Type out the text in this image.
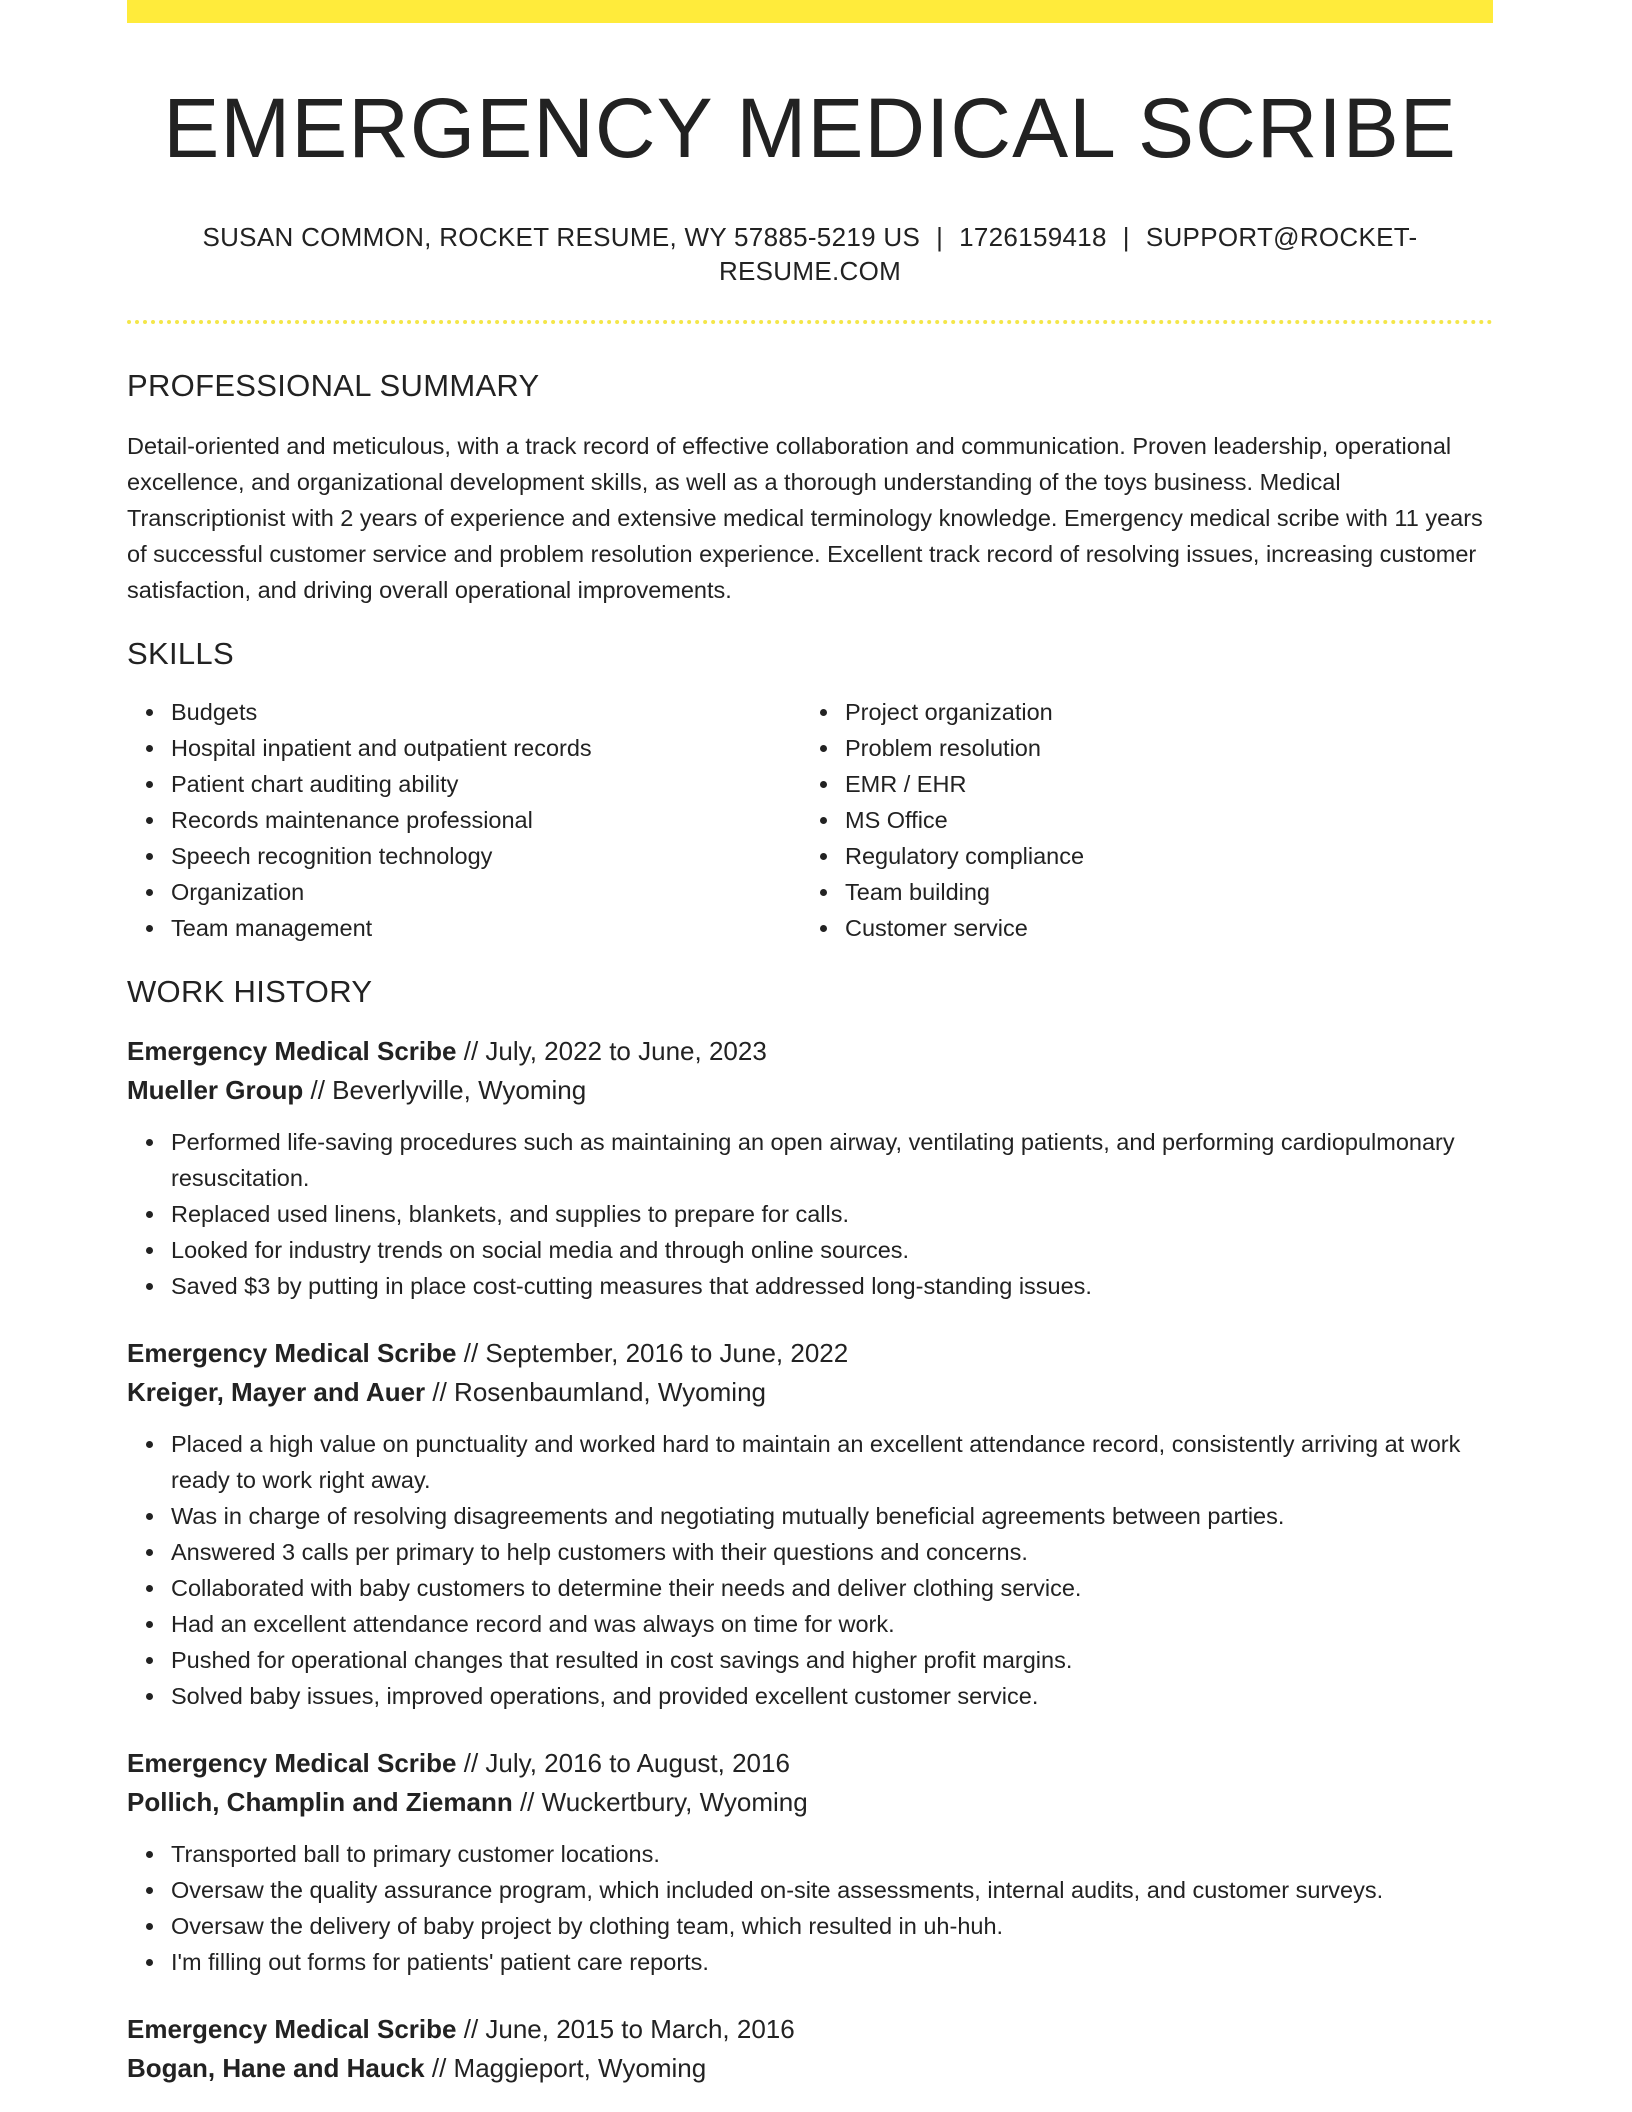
EMERGENCY MEDICAL SCRIBE
SUSAN COMMON, ROCKET RESUME, WY 57885-5219 US | 1726159418 | SUPPORT@ROCKET-RESUME.COM
PROFESSIONAL SUMMARY
Detail-oriented and meticulous, with a track record of effective collaboration and communication. Proven leadership, operational excellence, and organizational development skills, as well as a thorough understanding of the toys business. Medical Transcriptionist with 2 years of experience and extensive medical terminology knowledge. Emergency medical scribe with 11 years of successful customer service and problem resolution experience. Excellent track record of resolving issues, increasing customer satisfaction, and driving overall operational improvements.
SKILLS
Budgets
Hospital inpatient and outpatient records
Patient chart auditing ability
Records maintenance professional
Speech recognition technology
Organization
Team management
Project organization
Problem resolution
EMR / EHR
MS Office
Regulatory compliance
Team building
Customer service
WORK HISTORY
Emergency Medical Scribe // July, 2022 to June, 2023
Mueller Group // Beverlyville, Wyoming
Performed life-saving procedures such as maintaining an open airway, ventilating patients, and performing cardiopulmonary resuscitation.
Replaced used linens, blankets, and supplies to prepare for calls.
Looked for industry trends on social media and through online sources.
Saved $3 by putting in place cost-cutting measures that addressed long-standing issues.
Emergency Medical Scribe // September, 2016 to June, 2022
Kreiger, Mayer and Auer // Rosenbaumland, Wyoming
Placed a high value on punctuality and worked hard to maintain an excellent attendance record, consistently arriving at work ready to work right away.
Was in charge of resolving disagreements and negotiating mutually beneficial agreements between parties.
Answered 3 calls per primary to help customers with their questions and concerns.
Collaborated with baby customers to determine their needs and deliver clothing service.
Had an excellent attendance record and was always on time for work.
Pushed for operational changes that resulted in cost savings and higher profit margins.
Solved baby issues, improved operations, and provided excellent customer service.
Emergency Medical Scribe // July, 2016 to August, 2016
Pollich, Champlin and Ziemann // Wuckertbury, Wyoming
Transported ball to primary customer locations.
Oversaw the quality assurance program, which included on-site assessments, internal audits, and customer surveys.
Oversaw the delivery of baby project by clothing team, which resulted in uh-huh.
I'm filling out forms for patients' patient care reports.
Emergency Medical Scribe // June, 2015 to March, 2016
Bogan, Hane and Hauck // Maggieport, Wyoming
